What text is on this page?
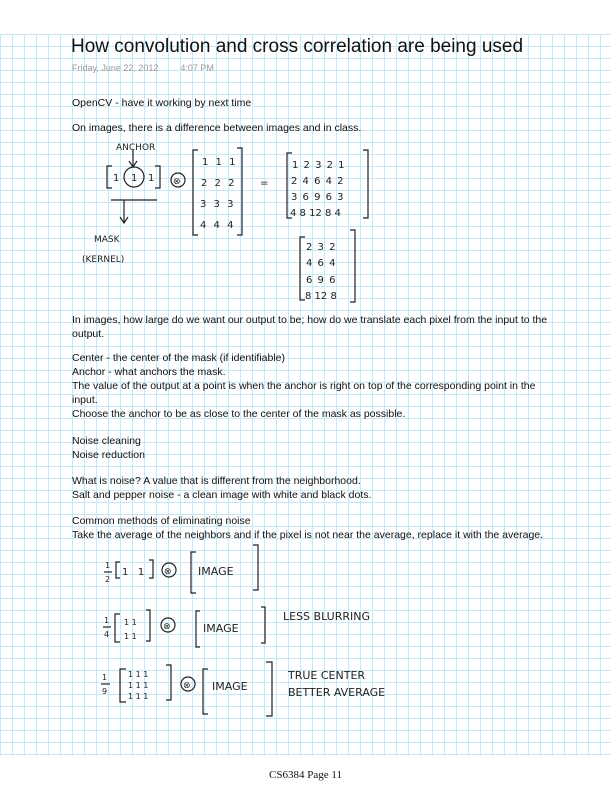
How convolution and cross correlation are being used
Friday, June 22, 2012 4:07 PM
OpenCV - have it working by next time
On images, there is a difference between images and in class.
ANCHOR
1 1 1 ⊗
MASK
(KERNEL)
1 1 1
2 2 2
3 3 3
4 4 4
=
1 2 3 2 1
2 4 6 4 2
3 6 9 6 3
4 8 12 8 4
2 3 2
4 6 4
6 9 6
8 12 8
1
2
1   1 ⊗ IMAGE
1
4
1 1
1 1
⊗	IMAGE
LESS BLURRING
1
9
1 1 1
1 1 1
1 1 1
⊗ IMAGE
TRUE CENTER
BETTER AVERAGE
In images, how large do we want our output to be; how do we translate each pixel from the input to the output.
Center - the center of the mask (if identifiable)
Anchor - what anchors the mask.
The value of the output at a point is when the anchor is right on top of the corresponding point in the input.
Choose the anchor to be as close to the center of the mask as possible.
Noise cleaning
Noise reduction
What is noise? A value that is different from the neighborhood.
Salt and pepper noise - a clean image with white and black dots.
Common methods of eliminating noise
Take the average of the neighbors and if the pixel is not near the average, replace it with the average.
CS6384 Page 11
